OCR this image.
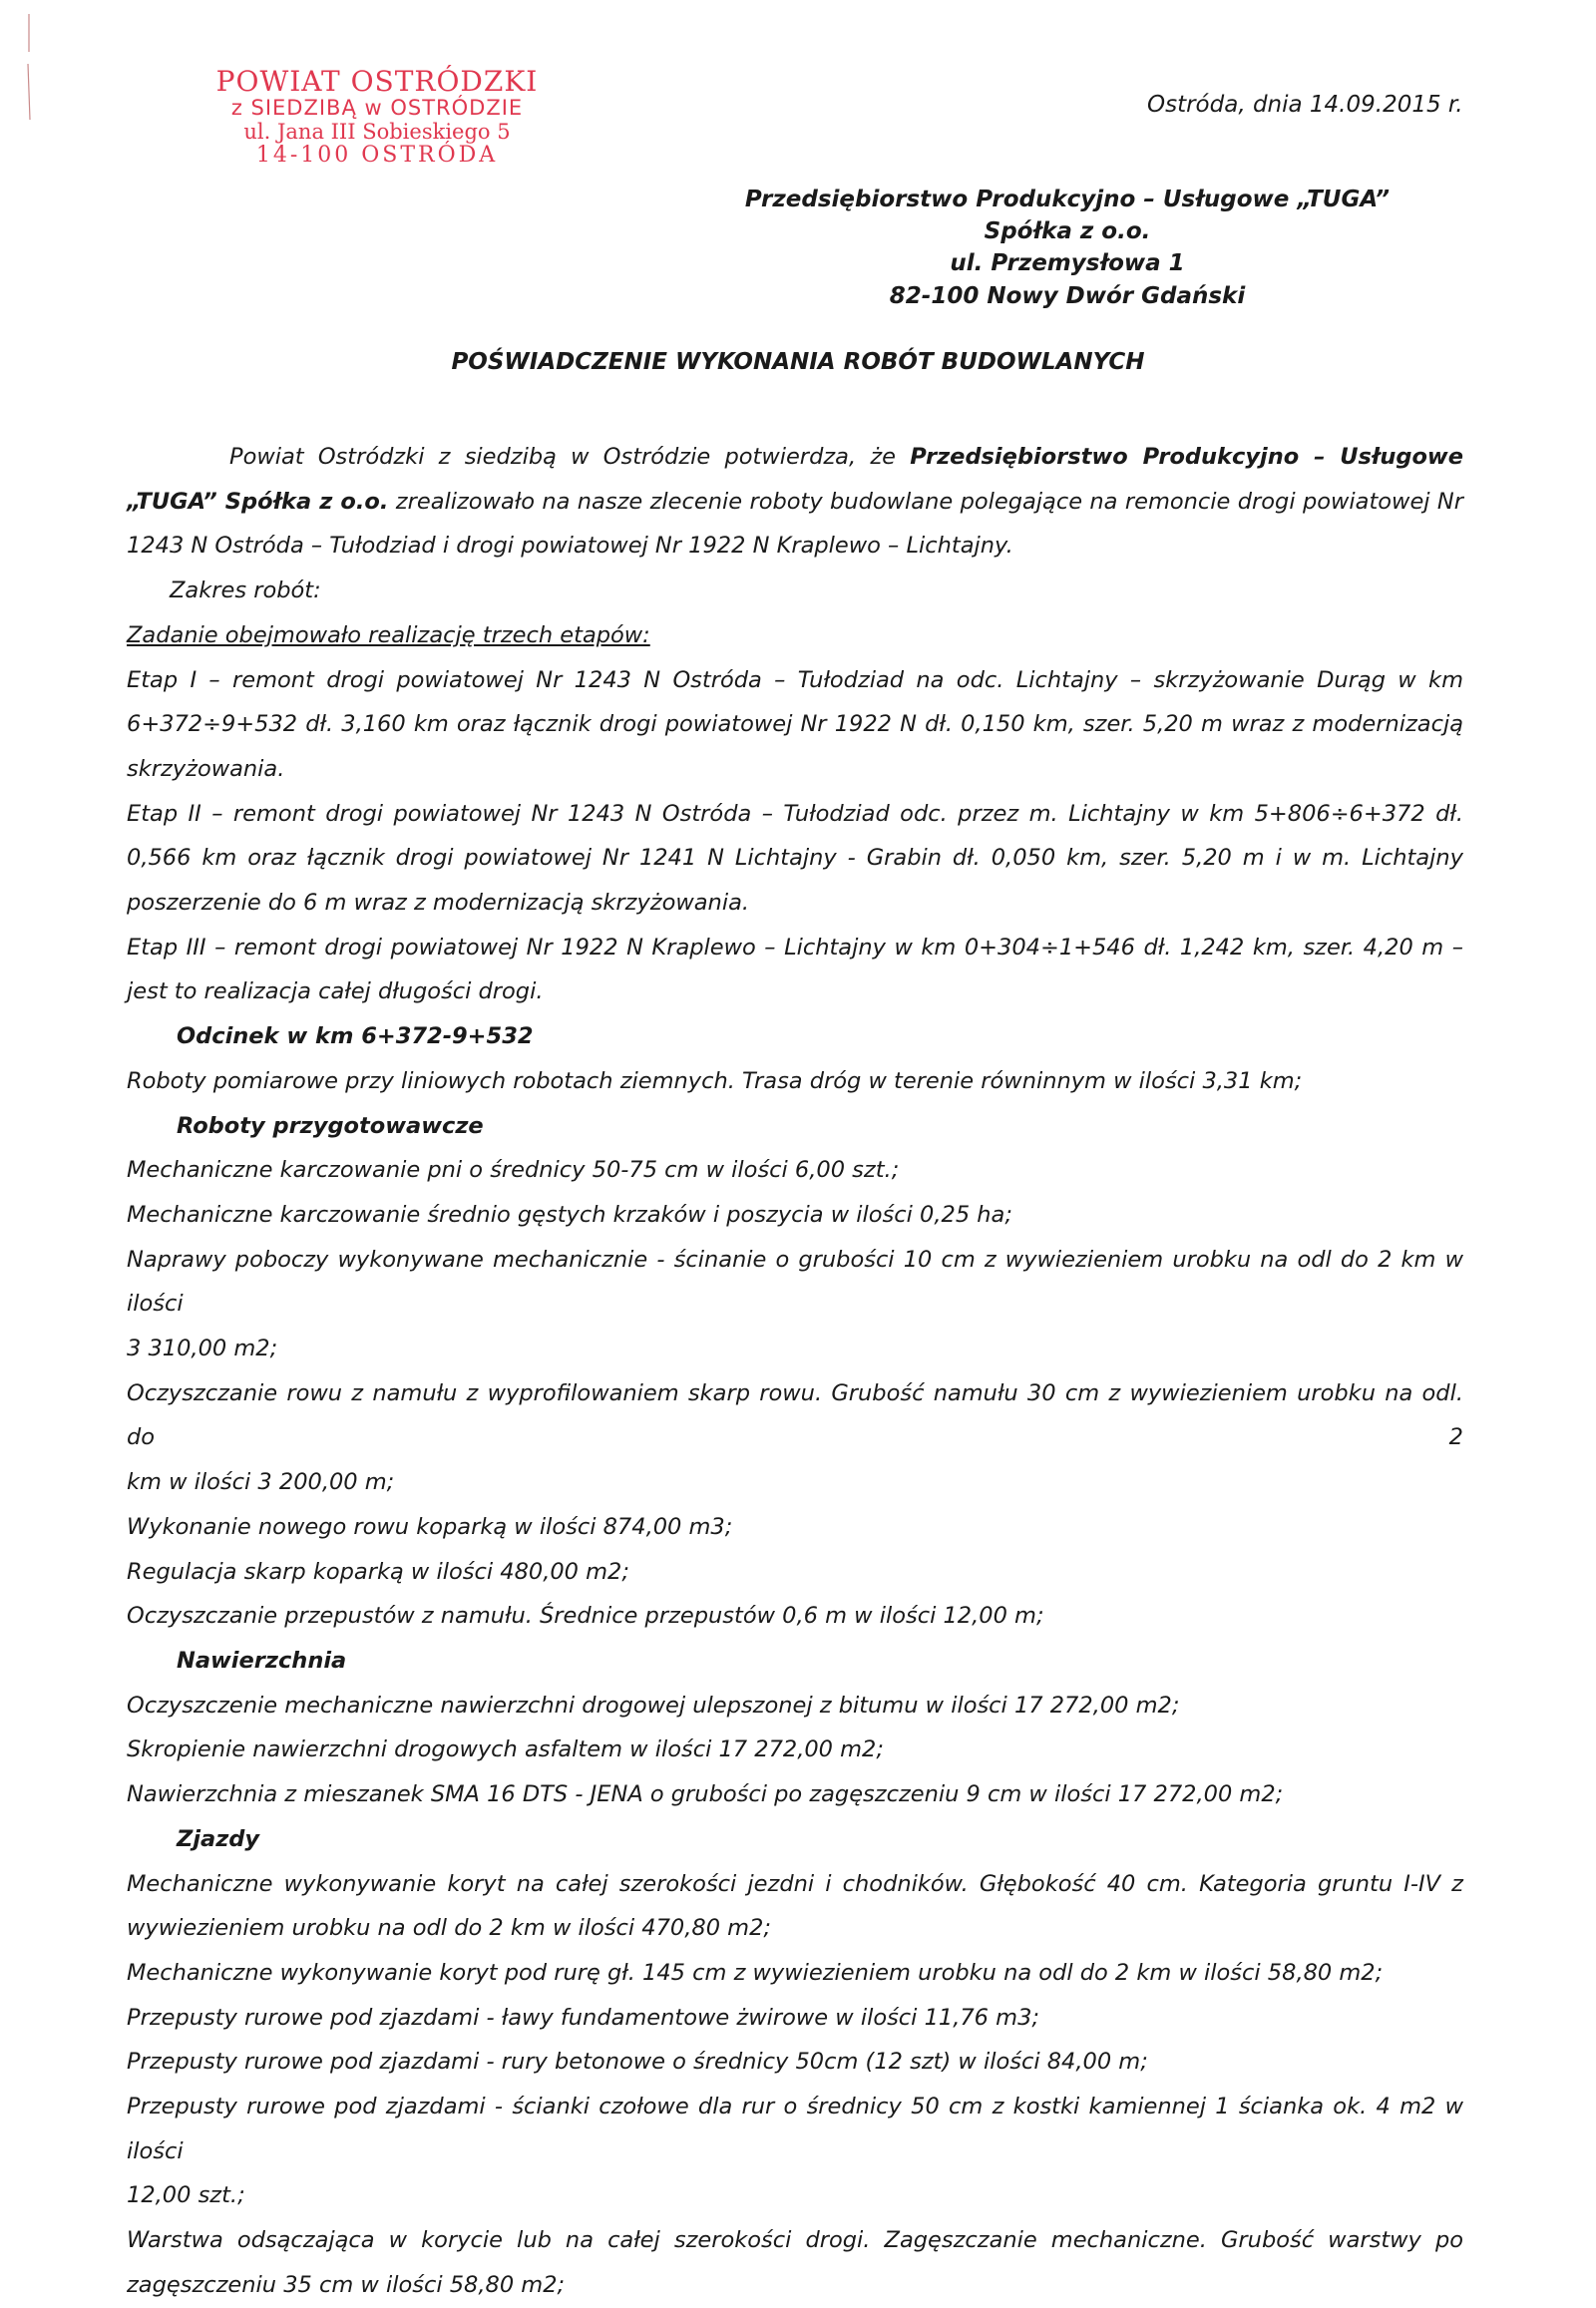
POWIAT OSTRÓDZKI
z SIEDZIBĄ w OSTRÓDZIE
ul. Jana III Sobieskiego 5
14-100 OSTRÓDA
Ostróda, dnia 14.09.2015 r.
Przedsiębiorstwo Produkcyjno – Usługowe „TUGA”
Spółka z o.o.
ul. Przemysłowa 1
82-100 Nowy Dwór Gdański
POŚWIADCZENIE WYKONANIA ROBÓT BUDOWLANYCH

Powiat Ostródzki z siedzibą w Ostródzie potwierdza, że Przedsiębiorstwo Produkcyjno – Usługowe

„TUGA” Spółka z o.o. zrealizowało na nasze zlecenie roboty budowlane polegające na remoncie drogi powiatowej Nr

1243 N Ostróda – Tułodziad i drogi powiatowej Nr 1922 N Kraplewo – Lichtajny.

Zakres robót:

Zadanie obejmowało realizację trzech etapów:

Etap I – remont drogi powiatowej Nr 1243 N Ostróda – Tułodziad na odc. Lichtajny – skrzyżowanie Durąg w km

6+372÷9+532 dł. 3,160 km oraz łącznik drogi powiatowej Nr 1922 N dł. 0,150 km, szer. 5,20 m wraz z modernizacją

skrzyżowania.

Etap II – remont drogi powiatowej Nr 1243 N Ostróda – Tułodziad odc. przez m. Lichtajny w km 5+806÷6+372 dł.

0,566 km oraz łącznik drogi powiatowej Nr 1241 N Lichtajny - Grabin dł. 0,050 km, szer. 5,20 m i w m. Lichtajny

poszerzenie do 6 m wraz z modernizacją skrzyżowania.

Etap III – remont drogi powiatowej Nr 1922 N Kraplewo – Lichtajny w km 0+304÷1+546 dł. 1,242 km, szer. 4,20 m –

jest to realizacja całej długości drogi.

Odcinek w km 6+372-9+532

Roboty pomiarowe przy liniowych robotach ziemnych. Trasa dróg w terenie równinnym w ilości 3,31 km;

Roboty przygotowawcze

Mechaniczne karczowanie pni o średnicy 50-75 cm w ilości 6,00 szt.;

Mechaniczne karczowanie średnio gęstych krzaków i poszycia w ilości 0,25 ha;

Naprawy poboczy wykonywane mechanicznie - ścinanie o grubości 10 cm z wywiezieniem urobku na odl do 2 km w ilości

3 310,00 m2;

Oczyszczanie rowu z namułu z wyprofilowaniem skarp rowu. Grubość namułu 30 cm z wywiezieniem urobku na odl. do 2

km w ilości 3 200,00 m;

Wykonanie nowego rowu koparką w ilości 874,00 m3;

Regulacja skarp koparką w ilości 480,00 m2;

Oczyszczanie przepustów z namułu. Średnice przepustów 0,6 m w ilości 12,00 m;

Nawierzchnia

Oczyszczenie mechaniczne nawierzchni drogowej ulepszonej z bitumu w ilości 17 272,00 m2;

Skropienie nawierzchni drogowych asfaltem w ilości 17 272,00 m2;

Nawierzchnia z mieszanek SMA 16 DTS - JENA o grubości po zagęszczeniu 9 cm w ilości 17 272,00 m2;

Zjazdy

Mechaniczne wykonywanie koryt na całej szerokości jezdni i chodników. Głębokość 40 cm. Kategoria gruntu I-IV z

wywiezieniem urobku na odl do 2 km w ilości 470,80 m2;

Mechaniczne wykonywanie koryt pod rurę gł. 145 cm z wywiezieniem urobku na odl do 2 km w ilości 58,80 m2;

Przepusty rurowe pod zjazdami - ławy fundamentowe żwirowe w ilości 11,76 m3;

Przepusty rurowe pod zjazdami - rury betonowe o średnicy 50cm (12 szt) w ilości 84,00 m;

Przepusty rurowe pod zjazdami - ścianki czołowe dla rur o średnicy 50 cm z kostki kamiennej 1 ścianka ok. 4 m2 w ilości

12,00 szt.;

Warstwa odsączająca w korycie lub na całej szerokości drogi. Zagęszczanie mechaniczne. Grubość warstwy po

zagęszczeniu 35 cm w ilości 58,80 m2;
